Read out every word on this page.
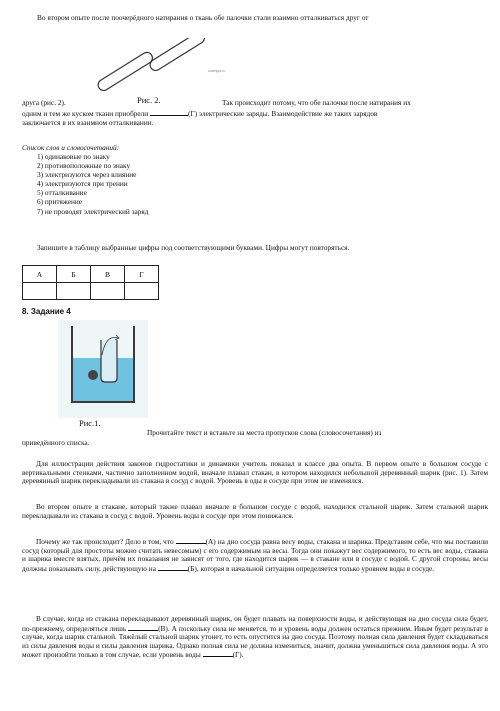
Во втором опыте после поочерёдного натирания о ткань обе палочки стали взаимно отталкиваться друг от
sdamgia.ru
Рис. 2.
друга (рис. 2).	Так происходит потому, что обе палочки после натирания их
одним и тем же куском ткани приобрели	(Г) электрические заряды. Взаимодействие же таких зарядов
заключается в их взаимном отталкивании.
Список слов и словосочетаний:
1) одинаковые по знаку
2) противоположные по знаку
3) электризуются через влияние
4) электризуются при трении
5) отталкивание
6) притяжение
7) не проводят электрический заряд
Запишите в таблицу выбранные цифры под соответствующими буквами. Цифры могут повторяться.
А	Б	В	Г

8. Задание 4
Рис.1.
Прочитайте текст и вставьте на места пропусков слова (словосочетания) из
приведённого списка.
Для иллюстрации действия законов гидростатики и динамики учитель показал в классе два опыта. В первом опыте в большом сосуде с вертикальными стенками, частично заполненном водой, вначале плавал стакан, в котором находился небольшой деревянный шарик (рис. 1). Затем деревянный шарик перекладывали из стакана в сосуд с водой. Уровень в оды в сосуде при этом не изменялся.
Во втором опыте в стакане, который также плавал вначале в большом сосуде с водой, находился стальной шарик. Затем стальной шарик перекладывали из стакана в сосуд с водой. Уровень воды в сосуде при этом понижался.
Почему же так происходит? Дело в том, что	(А) на дно сосуда равна весу воды, стакана и шарика. Представим себе, что мы поставили сосуд (который для простоты можно считать невесомым) с его содержимым на весы. Тогда они покажут вес содержимого, то есть вес воды, стакана и шарика вместе взятых, причём их показания не зависят от того, где находится шарик — в стакане или в сосуде с водой. С другой стороны, весы должны показывать силу, действующую на	(Б), которая в начальной ситуации определяется только уровнем воды в сосуде.
В случае, когда из стакана перекладывают деревянный шарик, он будет плавать на поверхности воды, и действующая на дно сосуда сила будет, по-прежнему, определяться лишь	(В). А поскольку сила не меняется, то и уровень воды должен остаться прежним. Иным будет результат в случае, когда шарик стальной. Тяжёлый стальной шарик утонет, то есть опустится на дно сосуда. Поэтому полная сила давления будет складываться из силы давления воды и силы давления шарика. Однако полная сила не должна измениться, значит, должна уменьшиться сила давления воды. А это может произойти только в том случае, если уровень воды	(Г).
